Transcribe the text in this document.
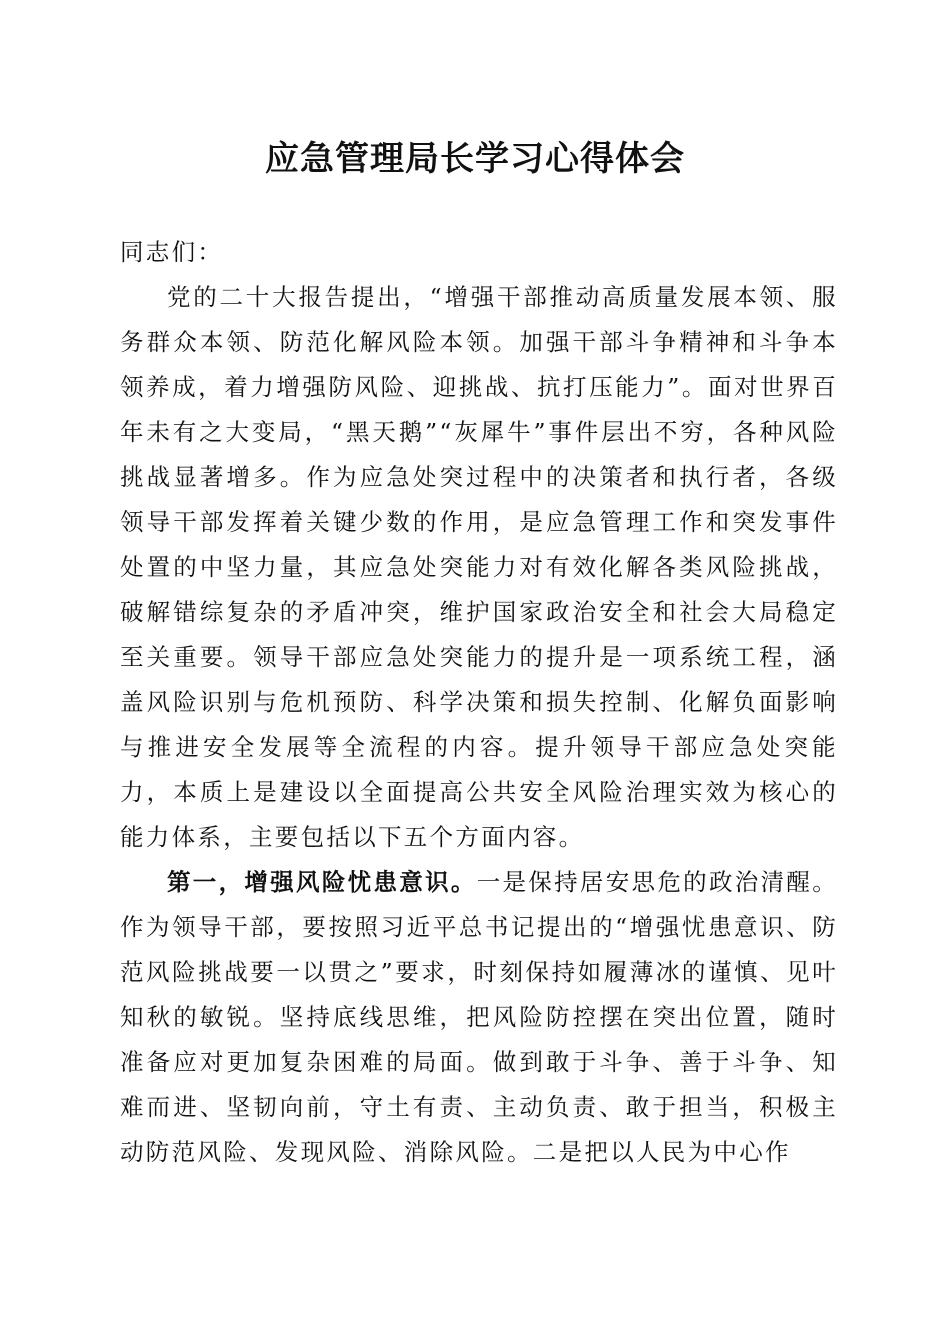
应急管理局长学习心得体会

同志们：

党的二十大报告提出，“增强干部推动高质量发展本领、服务群众本领、防范化解风险本领。加强干部斗争精神和斗争本领养成，着力增强防风险、迎挑战、抗打压能力”。面对世界百年未有之大变局，“黑天鹅”“灰犀牛”事件层出不穷，各种风险挑战显著增多。作为应急处突过程中的决策者和执行者，各级领导干部发挥着关键少数的作用，是应急管理工作和突发事件处置的中坚力量，其应急处突能力对有效化解各类风险挑战，破解错综复杂的矛盾冲突，维护国家政治安全和社会大局稳定至关重要。领导干部应急处突能力的提升是一项系统工程，涵盖风险识别与危机预防、科学决策和损失控制、化解负面影响与推进安全发展等全流程的内容。提升领导干部应急处突能力，本质上是建设以全面提高公共安全风险治理实效为核心的能力体系，主要包括以下五个方面内容。

第一，增强风险忧患意识。一是保持居安思危的政治清醒。作为领导干部，要按照习近平总书记提出的“增强忧患意识、防范风险挑战要一以贯之”要求，时刻保持如履薄冰的谨慎、见叶知秋的敏锐。坚持底线思维，把风险防控摆在突出位置，随时准备应对更加复杂困难的局面。做到敢于斗争、善于斗争、知难而进、坚韧向前，守土有责、主动负责、敢于担当，积极主动防范风险、发现风险、消除风险。二是把以人民为中心作
